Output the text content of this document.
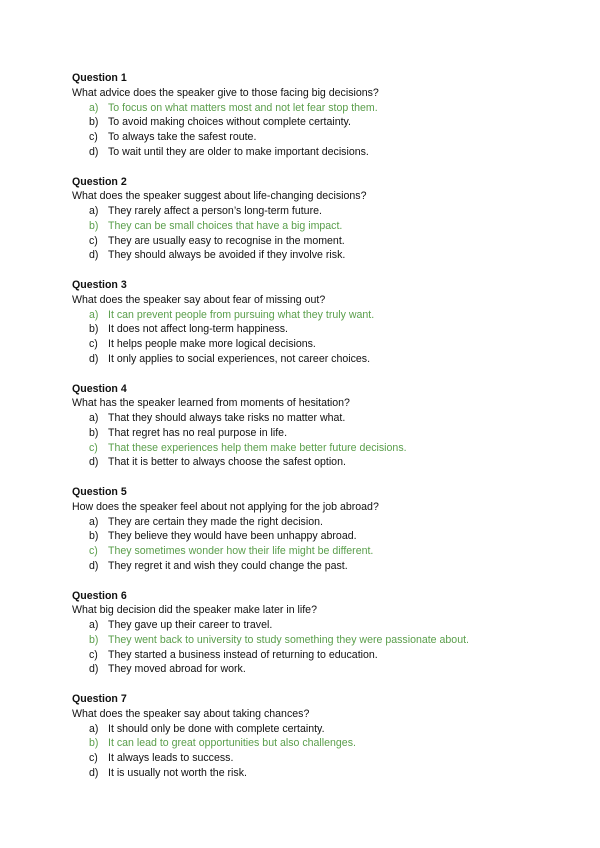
Question 1
What advice does the speaker give to those facing big decisions?
a) To focus on what matters most and not let fear stop them.
b) To avoid making choices without complete certainty.
c) To always take the safest route.
d) To wait until they are older to make important decisions.
Question 2
What does the speaker suggest about life-changing decisions?
a) They rarely affect a person’s long-term future.
b) They can be small choices that have a big impact.
c) They are usually easy to recognise in the moment.
d) They should always be avoided if they involve risk.
Question 3
What does the speaker say about fear of missing out?
a) It can prevent people from pursuing what they truly want.
b) It does not affect long-term happiness.
c) It helps people make more logical decisions.
d) It only applies to social experiences, not career choices.
Question 4
What has the speaker learned from moments of hesitation?
a) That they should always take risks no matter what.
b) That regret has no real purpose in life.
c) That these experiences help them make better future decisions.
d) That it is better to always choose the safest option.
Question 5
How does the speaker feel about not applying for the job abroad?
a) They are certain they made the right decision.
b) They believe they would have been unhappy abroad.
c) They sometimes wonder how their life might be different.
d) They regret it and wish they could change the past.
Question 6
What big decision did the speaker make later in life?
a) They gave up their career to travel.
b) They went back to university to study something they were passionate about.
c) They started a business instead of returning to education.
d) They moved abroad for work.
Question 7
What does the speaker say about taking chances?
a) It should only be done with complete certainty.
b) It can lead to great opportunities but also challenges.
c) It always leads to success.
d) It is usually not worth the risk.
